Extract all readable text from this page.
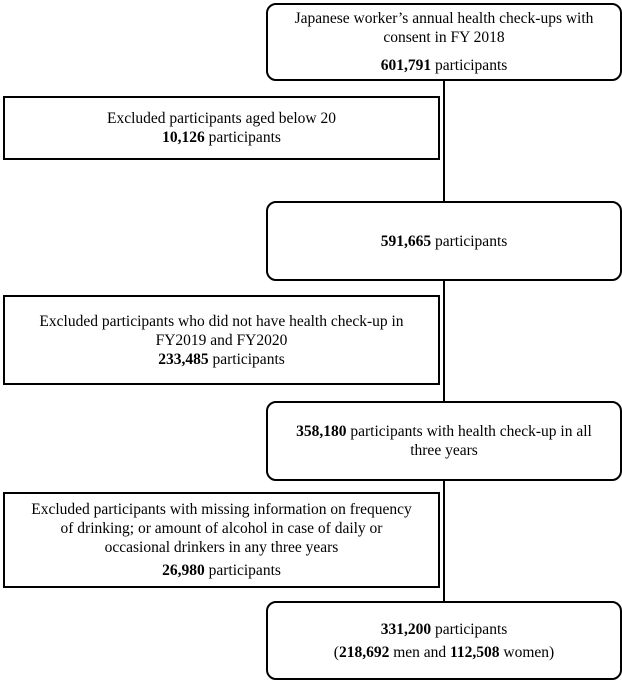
Japanese worker’s annual health check-ups with
consent in FY 2018
601,791 participants
Excluded participants aged below 20
10,126 participants
591,665 participants
Excluded participants who did not have health check-up in
FY2019 and FY2020
233,485 participants
358,180 participants with health check-up in all
three years
Excluded participants with missing information on frequency
of drinking; or amount of alcohol in case of daily or
occasional drinkers in any three years
26,980 participants
331,200 participants
(218,692 men and 112,508 women)
